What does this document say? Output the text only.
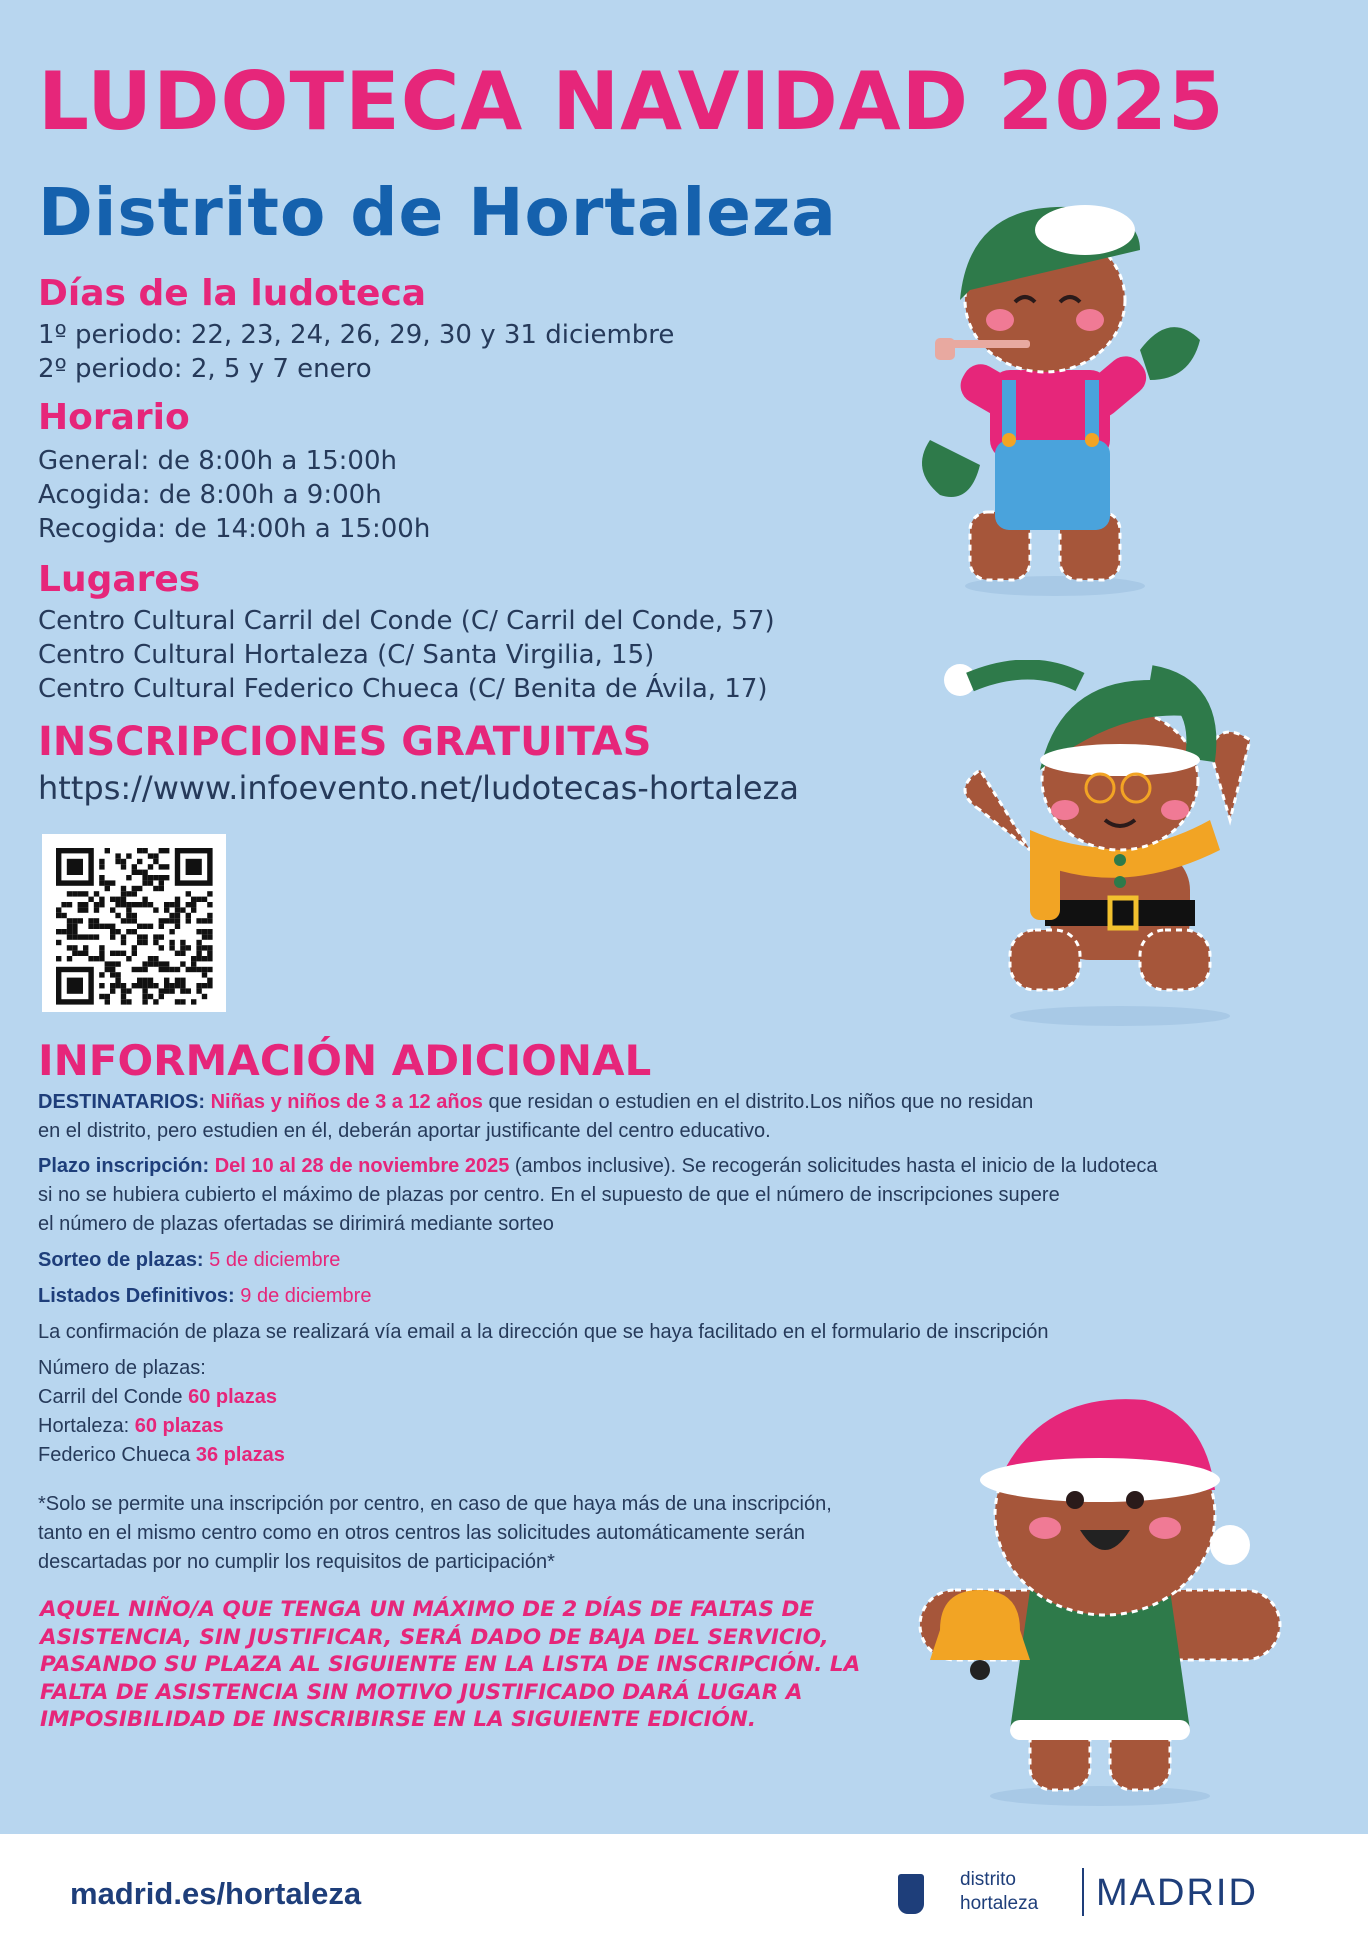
LUDOTECA NAVIDAD 2025
Distrito de Hortaleza
Días de la ludoteca
1º periodo: 22, 23, 24, 26, 29, 30 y 31 diciembre
2º periodo: 2, 5 y 7 enero
Horario
General: de 8:00h a 15:00h
Acogida: de 8:00h a 9:00h
Recogida: de 14:00h a 15:00h
Lugares
Centro Cultural Carril del Conde (C/ Carril del Conde, 57)
Centro Cultural Hortaleza (C/ Santa Virgilia, 15)
Centro Cultural Federico Chueca (C/ Benita de Ávila, 17)
INSCRIPCIONES GRATUITAS
https://www.infoevento.net/ludotecas-hortaleza
INFORMACIÓN ADICIONAL
DESTINATARIOS: Niñas y niños de 3 a 12 años que residan o estudien en el distrito.Los niños que no residan
en el distrito, pero estudien en él, deberán aportar justificante del centro educativo.
Plazo inscripción: Del 10 al 28 de noviembre 2025 (ambos inclusive). Se recogerán solicitudes hasta el inicio de la ludoteca
si no se hubiera cubierto el máximo de plazas por centro. En el supuesto de que el número de inscripciones supere
el número de plazas ofertadas se dirimirá mediante sorteo
Sorteo de plazas: 5 de diciembre
Listados Definitivos: 9 de diciembre
La confirmación de plaza se realizará vía email a la dirección que se haya facilitado en el formulario de inscripción
Número de plazas:
Carril del Conde 60 plazas
Hortaleza: 60 plazas
Federico Chueca 36 plazas
*Solo se permite una inscripción por centro, en caso de que haya más de una inscripción,
tanto en el mismo centro como en otros centros las solicitudes automáticamente serán
descartadas por no cumplir los requisitos de participación*
AQUEL NIÑO/A QUE TENGA UN MÁXIMO DE 2 DÍAS DE FALTAS DE
ASISTENCIA, SIN JUSTIFICAR, SERÁ DADO DE BAJA DEL SERVICIO,
PASANDO SU PLAZA AL SIGUIENTE EN LA LISTA DE INSCRIPCIÓN. LA
FALTA DE ASISTENCIA SIN MOTIVO JUSTIFICADO DARÁ LUGAR A
IMPOSIBILIDAD DE INSCRIBIRSE EN LA SIGUIENTE EDICIÓN.
madrid.es/hortaleza	distrito
hortaleza MADRID
